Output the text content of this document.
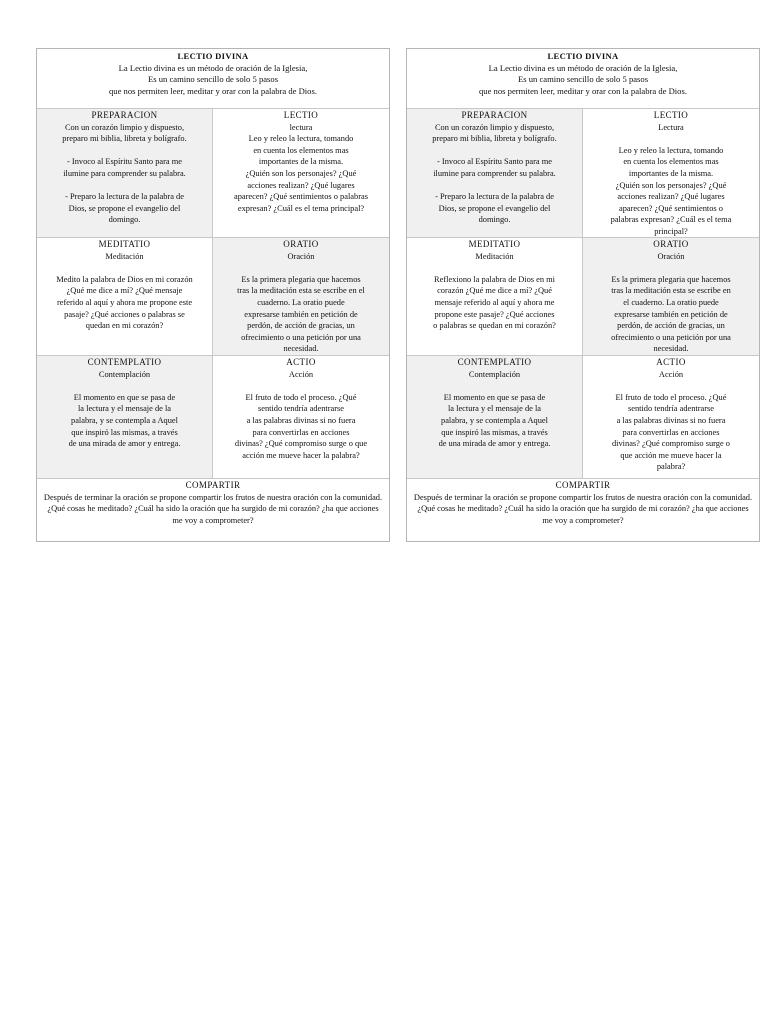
LECTIO DIVINA

La Lectio divina es un método de oración de la Iglesia,
Es un camino sencillo de solo 5 pasos
que nos permiten leer, meditar y orar con la palabra de Dios.

PREPARACION

Con un corazón limpio y dispuesto,
preparo mi biblia, libreta y bolígrafo.

- Invoco al Espíritu Santo para me
ilumine para comprender su palabra.

- Preparo la lectura de la palabra de
Dios, se propone el evangelio del
domingo.

LECTIO
lectura

Leo y releo la lectura, tomando
en cuenta los elementos mas
importantes de la misma.
¿Quién son los personajes? ¿Qué
acciones realizan? ¿Qué lugares
aparecen? ¿Qué sentimientos o palabras
expresan? ¿Cuál es el tema principal?

MEDITATIO
Meditación

Medito la palabra de Dios en mi corazón
¿Qué me dice a mí? ¿Qué mensaje
referido al aquí y ahora me propone este
pasaje? ¿Qué acciones o palabras se
quedan en mi corazón?

ORATIO
Oración

Es la primera plegaria que hacemos
tras la meditación esta se escribe en el
cuaderno. La oratio puede
expresarse también en petición de
perdón, de acción de gracias, un
ofrecimiento o una petición por una
necesidad.

CONTEMPLATIO
Contemplación

El momento en que se pasa de
la lectura y el mensaje de la
palabra, y se contempla a Aquel
que inspiró las mismas, a través
de una mirada de amor y entrega.

ACTIO
Acción

El fruto de todo el proceso. ¿Qué
sentido tendría adentrarse
a las palabras divinas si no fuera
para convertirlas en acciones
divinas? ¿Qué compromiso surge o que
acción me mueve hacer la palabra?

COMPARTIR

Después de terminar la oración se propone compartir los frutos de nuestra oración con la comunidad. ¿Qué cosas he meditado? ¿Cuál ha sido la oración que ha surgido de mi corazón? ¿ha que acciones me voy a comprometer?

LECTIO DIVINA

La Lectio divina es un método de oración de la Iglesia,
Es un camino sencillo de solo 5 pasos
que nos permiten leer, meditar y orar con la palabra de Dios.

PREPARACION

Con un corazón limpio y dispuesto,
preparo mi biblia, libreta y bolígrafo.

- Invoco al Espíritu Santo para me
ilumine para comprender su palabra.

- Preparo la lectura de la palabra de
Dios, se propone el evangelio del
domingo.

LECTIO
Lectura

Leo y releo la lectura, tomando
en cuenta los elementos mas
importantes de la misma.
¿Quién son los personajes? ¿Qué
acciones realizan? ¿Qué lugares
aparecen? ¿Qué sentimientos o
palabras expresan? ¿Cuál es el tema
principal?

MEDITATIO
Meditación

Reflexiono la palabra de Dios en mi
corazón ¿Qué me dice a mí? ¿Qué
mensaje referido al aquí y ahora me
propone este pasaje? ¿Qué acciones
o palabras se quedan en mi corazón?

ORATIO
Oración

Es la primera plegaria que hacemos
tras la meditación esta se escribe en
el cuaderno. La oratio puede
expresarse también en petición de
perdón, de acción de gracias, un
ofrecimiento o una petición por una
necesidad.

CONTEMPLATIO
Contemplación

El momento en que se pasa de
la lectura y el mensaje de la
palabra, y se contempla a Aquel
que inspiró las mismas, a través
de una mirada de amor y entrega.

ACTIO
Acción

El fruto de todo el proceso. ¿Qué
sentido tendría adentrarse
a las palabras divinas si no fuera
para convertirlas en acciones
divinas? ¿Qué compromiso surge o
que acción me mueve hacer la
palabra?

COMPARTIR

Después de terminar la oración se propone compartir los frutos de nuestra oración con la comunidad. ¿Qué cosas he meditado? ¿Cuál ha sido la oración que ha surgido de mi corazón? ¿ha que acciones me voy a comprometer?
